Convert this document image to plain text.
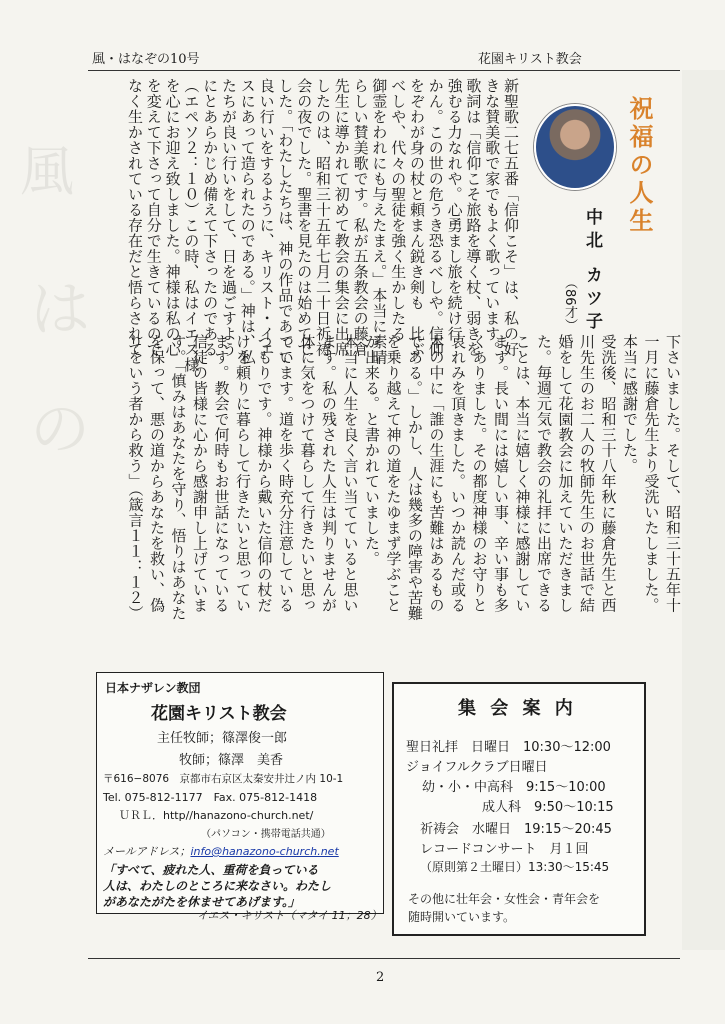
風
は
の
風・はなぞの10号	花園キリスト教会
祝福の人生
中北 カツ子
（86才）
新聖歌二七五番「信仰こそ」は、私の好
きな賛美歌で家でもよく歌っています。
歌詞は「信仰こそ旅路を導く杖、弱きを
強むる力なれや。心勇まし旅を続け行
かん。この世の危うき恐るべしや。信仰
をぞわが身の杖と頼まん鋭き剣も　比ぶ
べしや、代々の聖徒を強く生かしたる
御霊をわれにも与えたまえ。」本当に素晴
らしい賛美歌です。私が五条教会の藤倉
先生に導かれて初めて教会の集会に出席
したのは、昭和三十五年七月二十日祈祷
会の夜でした。聖書を見たのは始めてで
した。「わたしたちは、神の作品であって
良い行いをするように、キリスト・イエ
スにあって造られたのである。」神は、私
たちが良い行いをして、日を過ごすよう
にとあらかじめ備えて下さったのである
（エペソ２：１０）この時、私はイエス様
を心にお迎え致しました。神様は私の心
を変えて下さって自分で生きているので
なく生かされている存在だと悟らされて
下さいました。そして、昭和三十五年十
一月に藤倉先生より受洗いたしました。
本当に感謝でした。
受洗後、昭和三十八年秋に藤倉先生と西
川先生のお二人の牧師先生のお世話で結
婚をして花園教会に加えていただきまし
た。毎週元気で教会の礼拝に出席できる
ことは、本当に嬉しく神様に感謝してい
ます。長い間には嬉しい事、辛い事も多
くありました。その都度神様のお守りと
哀れみを頂きました。いつか読んだ或る
本の中に「誰の生涯にも苦難はあるもの
である。」しかし、人は幾多の障害や苦難
を乗り越えて神の道をたゆまず学ぶこと
が出来る。と書かれていました。
本当に人生を良く言い当てていると思い
ます。私の残された人生は判りませんが
体に気をつけて暮らして行きたいと思っ
ています。道を歩く時充分注意している
つもりです。神様から戴いた信仰の杖だ
けを頼りに暮らして行きたいと思ってい
ます。教会で何時もお世話になっている
信徒の皆様に心から感謝申し上げていま
す。「慎みはあなたを守り、悟りはあなた
を保って、悪の道からあなたを救い、偽
りをいう者から救う」（箴言１１：１２）
日本ナザレン教団
花園キリスト教会
主任牧師；篠澤俊一郎
牧師；篠澤　美香
〒616−8076　京都市右京区太秦安井辻ノ内 10-1
Tel. 075-812-1177　Fax. 075-812-1418
ＵＲＬ．http//hanazono-church.net/
（パソコン・携帯電話共通）
メールアドレス；info@hanazono-church.net
「すべて、疲れた人、重荷を負っている
人は、わたしのところに来なさい。わたし
があなたがたを休ませてあげます。」
イエス・キリスト（マタイ 11；28）
集 会 案 内
聖日礼拝　日曜日　10:30～12:00
ジョイフルクラブ日曜日
幼・小・中高科　9:15～10:00
成人科　9:50～10:15
祈祷会　水曜日　19:15～20:45
レコードコンサート　月１回
（原則第２土曜日）13:30～15:45
その他に壮年会・女性会・青年会を
随時開いています。
2
